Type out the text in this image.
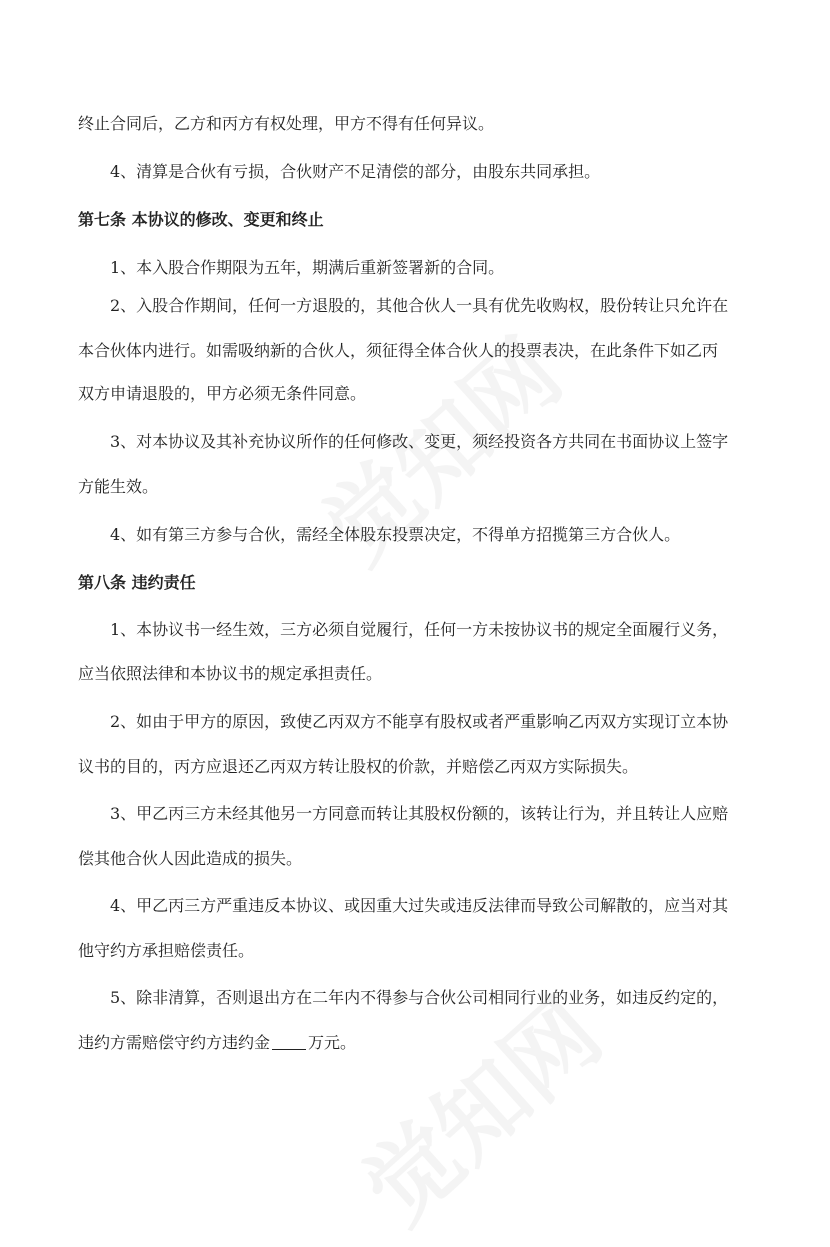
终止合同后，乙方和丙方有权处理，甲方不得有任何异议。
4、清算是合伙有亏损，合伙财产不足清偿的部分，由股东共同承担。
第七条 本协议的修改、变更和终止
1、本入股合作期限为五年，期满后重新签署新的合同。
2、入股合作期间，任何一方退股的，其他合伙人一具有优先收购权，股份转让只允许在
本合伙体内进行。如需吸纳新的合伙人，须征得全体合伙人的投票表决，在此条件下如乙丙
双方申请退股的，甲方必须无条件同意。
3、对本协议及其补充协议所作的任何修改、变更，须经投资各方共同在书面协议上签字
方能生效。
4、如有第三方参与合伙，需经全体股东投票决定，不得单方招揽第三方合伙人。
第八条 违约责任
1、本协议书一经生效，三方必须自觉履行，任何一方未按协议书的规定全面履行义务，
应当依照法律和本协议书的规定承担责任。
2、如由于甲方的原因，致使乙丙双方不能享有股权或者严重影响乙丙双方实现订立本协
议书的目的，丙方应退还乙丙双方转让股权的价款，并赔偿乙丙双方实际损失。
3、甲乙丙三方未经其他另一方同意而转让其股权份额的，该转让行为，并且转让人应赔
偿其他合伙人因此造成的损失。
4、甲乙丙三方严重违反本协议、或因重大过失或违反法律而导致公司解散的，应当对其
他守约方承担赔偿责任。
5、除非清算，否则退出方在二年内不得参与合伙公司相同行业的业务，如违反约定的，
违约方需赔偿守约方违约金 万元。
